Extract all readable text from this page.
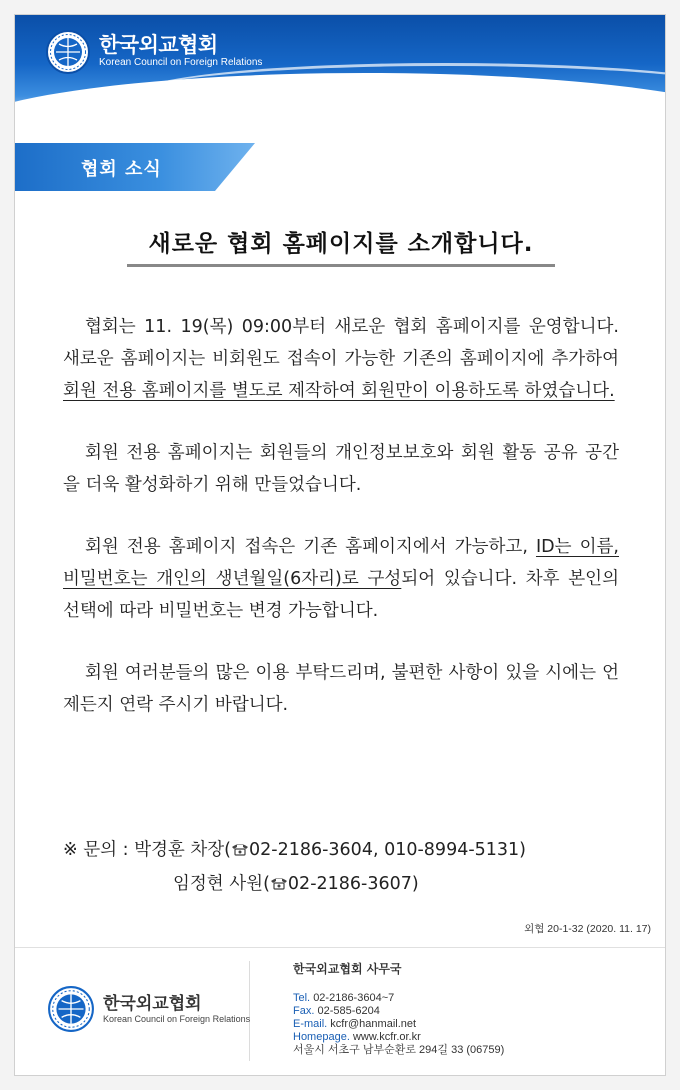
한국외교협회
Korean Council on Foreign Relations
협회 소식
새로운 협회 홈페이지를 소개합니다.

협회는 11. 19(목) 09:00부터 새로운 협회 홈페이지를 운영합니다. 새로운 홈페이지는 비회원도 접속이 가능한 기존의 홈페이지에 추가하여 회원 전용 홈페이지를 별도로 제작하여 회원만이 이용하도록 하였습니다.

회원 전용 홈페이지는 회원들의 개인정보보호와 회원 활동 공유 공간을 더욱 활성화하기 위해 만들었습니다.

회원 전용 홈페이지 접속은 기존 홈페이지에서 가능하고, ID는 이름, 비밀번호는 개인의 생년월일(6자리)로 구성되어 있습니다. 차후 본인의 선택에 따라 비밀번호는 변경 가능합니다.

회원 여러분들의 많은 이용 부탁드리며, 불편한 사항이 있을 시에는 언제든지 연락 주시기 바랍니다.

※ 문의 : 박경훈 차장( 02-2186-3604, 010-8994-5131)
임정현 사원( 02-2186-3607)
외협 20-1-32 (2020. 11. 17)
한국외교협회
Korean Council on Foreign Relations
한국외교협회 사무국
Tel. 02-2186-3604~7
Fax. 02-585-6204
E-mail. kcfr@hanmail.net
Homepage. www.kcfr.or.kr
서울시 서초구 남부순환로 294길 33 (06759)
